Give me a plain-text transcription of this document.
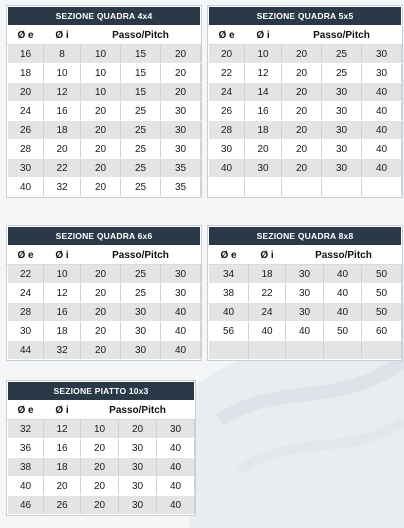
SEZIONE QUADRA 4x4				
Ø e	Ø i	Passo/Pitch		
16	8	10	15	20
18	10	10	15	20
20	12	10	15	20
24	16	20	25	30
26	18	20	25	30
28	20	20	25	30
30	22	20	25	35
40	32	20	25	35
SEZIONE QUADRA 5x5				
Ø e	Ø i	Passo/Pitch		
20	10	20	25	30
22	12	20	25	30
24	14	20	30	40
26	16	20	30	40
28	18	20	30	40
30	20	20	30	40
40	30	20	30	40

SEZIONE QUADRA 6x6				
Ø e	Ø i	Passo/Pitch		
22	10	20	25	30
24	12	20	25	30
28	16	20	30	40
30	18	20	30	40
44	32	20	30	40
SEZIONE QUADRA 8x8				
Ø e	Ø i	Passo/Pitch		
34	18	30	40	50
38	22	30	40	50
40	24	30	40	50
56	40	40	50	60

SEZIONE PIATTO 10x3				
Ø e	Ø i	Passo/Pitch		
32	12	10	20	30
36	16	20	30	40
38	18	20	30	40
40	20	20	30	40
46	26	20	30	40
